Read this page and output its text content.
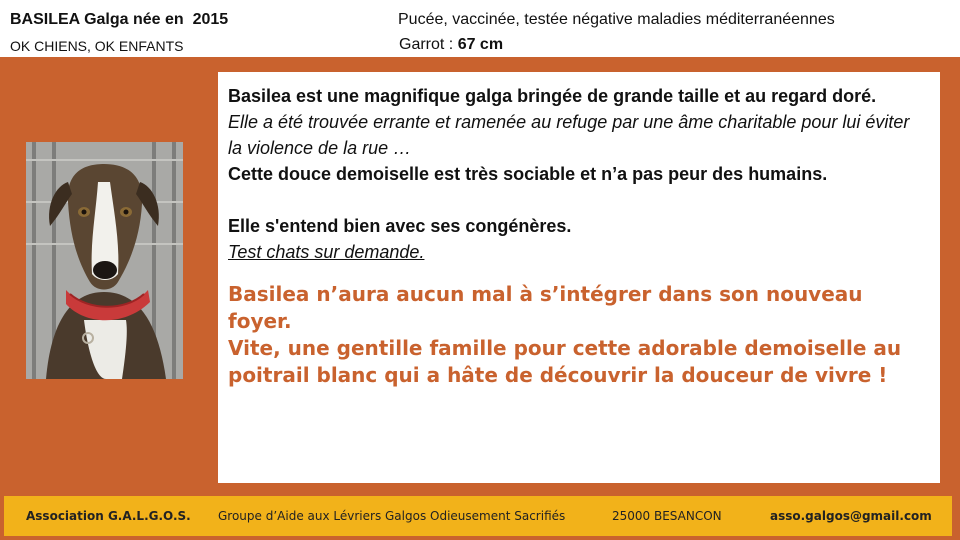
BASILEA Galga née en  2015
OK CHIENS, OK ENFANTS
Pucée, vaccinée, testée négative maladies méditerranéennes
Garrot : 67 cm
Basilea est une magnifique galga bringée de grande taille et au regard doré.
Elle a été trouvée errante et ramenée au refuge par une âme charitable pour lui éviter la violence de la rue …
Cette douce demoiselle est très sociable et n’a pas peur des humains.
Elle s'entend bien avec ses congénères.
Test chats sur demande.
Basilea n’aura aucun mal à s’intégrer dans son nouveau foyer.
Vite, une gentille famille pour cette adorable demoiselle au poitrail blanc qui a hâte de découvrir la douceur de vivre !
Association G.A.L.G.O.S. Groupe d’Aide aux Lévriers Galgos Odieusement Sacrifiés	25000 BESANCON	asso.galgos@gmail.com
